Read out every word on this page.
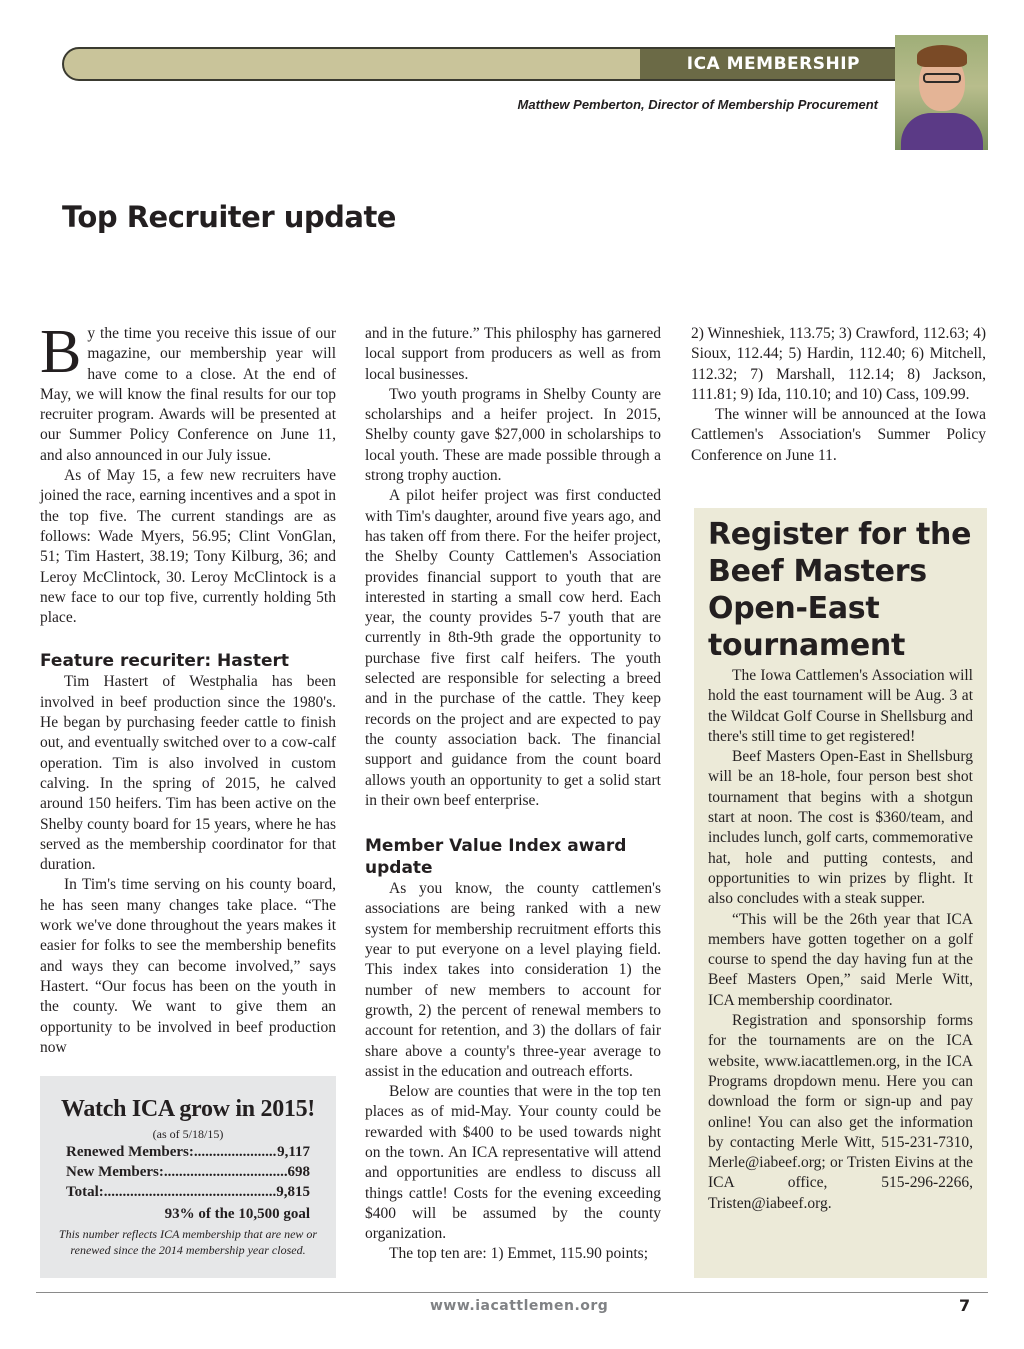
ICA MEMBERSHIP
Matthew Pemberton, Director of Membership Procurement
Top Recruiter update

By the time you receive this issue of our magazine, our membership year will have come to a close. At the end of May, we will know the final results for our top recruiter program. Awards will be presented at our Summer Policy Conference on June 11, and also announced in our July issue.

As of May 15, a few new recruiters have joined the race, earning incentives and a spot in the top five. The current standings are as follows: Wade Myers, 56.95; Clint VonGlan, 51; Tim Hastert, 38.19; Tony Kilburg, 36; and Leroy McClintock, 30. Leroy McClintock is a new face to our top five, currently holding 5th place.

Feature recuriter: Hastert

Tim Hastert of Westphalia has been involved in beef production since the 1980's. He began by purchasing feeder cattle to finish out, and eventually switched over to a cow-calf operation. Tim is also involved in custom calving. In the spring of 2015, he calved around 150 heifers. Tim has been active on the Shelby county board for 15 years, where he has served as the membership coordinator for that duration.

In Tim's time serving on his county board, he has seen many changes take place. “The work we've done throughout the years makes it easier for folks to see the membership benefits and ways they can become involved,” says Hastert. “Our focus has been on the youth in the county. We want to give them an opportunity to be involved in beef production now

and in the future.” This philosphy has garnered local support from producers as well as from local businesses.

Two youth programs in Shelby County are scholarships and a heifer project. In 2015, Shelby county gave $27,000 in scholarships to local youth. These are made possible through a strong trophy auction.

A pilot heifer project was first conducted with Tim's daughter, around five years ago, and has taken off from there. For the heifer project, the Shelby County Cattlemen's Association provides financial support to youth that are interested in starting a small cow herd. Each year, the county provides 5-7 youth that are currently in 8th-9th grade the opportunity to purchase five first calf heifers. The youth selected are responsible for selecting a breed and in the purchase of the cattle. They keep records on the project and are expected to pay the county association back. The financial support and guidance from the count board allows youth an opportunity to get a solid start in their own beef enterprise.

Member Value Index award update

As you know, the county cattlemen's associations are being ranked with a new system for membership recruitment efforts this year to put everyone on a level playing field. This index takes into consideration 1) the number of new members to account for growth, 2) the percent of renewal members to account for retention, and 3) the dollars of fair share above a county's three-year average to assist in the education and outreach efforts.

Below are counties that were in the top ten places as of mid-May. Your county could be rewarded with $400 to be used towards night on the town. An ICA representative will attend and opportunities are endless to discuss all things cattle! Costs for the evening exceeding $400 will be assumed by the county organization.

The top ten are: 1) Emmet, 115.90 points;

2) Winneshiek, 113.75; 3) Crawford, 112.63; 4) Sioux, 112.44; 5) Hardin, 112.40; 6) Mitchell, 112.32; 7) Marshall, 112.14; 8) Jackson, 111.81; 9) Ida, 110.10; and 10) Cass, 109.99.

The winner will be announced at the Iowa Cattlemen's Association's Summer Policy Conference on June 11.

Watch ICA grow in 2015!
(as of 5/18/15)
Renewed Members: .....	9,117
New Members: .....	698
Total: .....	9,815
93% of the 10,500 goal
This number reflects ICA membership that are new or renewed since the 2014 membership year closed.
Register for the Beef Masters Open-East tournament

The Iowa Cattlemen's Association will hold the east tournament will be Aug. 3 at the Wildcat Golf Course in Shellsburg and there's still time to get registered!

Beef Masters Open-East in Shellsburg will be an 18-hole, four person best shot tournament that begins with a shotgun start at noon. The cost is $360/team, and includes lunch, golf carts, commemorative hat, hole and putting contests, and opportunities to win prizes by flight. It also concludes with a steak supper.

“This will be the 26th year that ICA members have gotten together on a golf course to spend the day having fun at the Beef Masters Open,” said Merle Witt, ICA membership coordinator.

Registration and sponsorship forms for the tournaments are on the ICA website, www.iacattlemen.org, in the ICA Programs dropdown menu. Here you can download the form or sign-up and pay online! You can also get the information by contacting Merle Witt, 515-231-7310, Merle@iabeef.org; or Tristen Eivins at the ICA office, 515-296-2266, Tristen@iabeef.org.

www.iacattlemen.org	7
